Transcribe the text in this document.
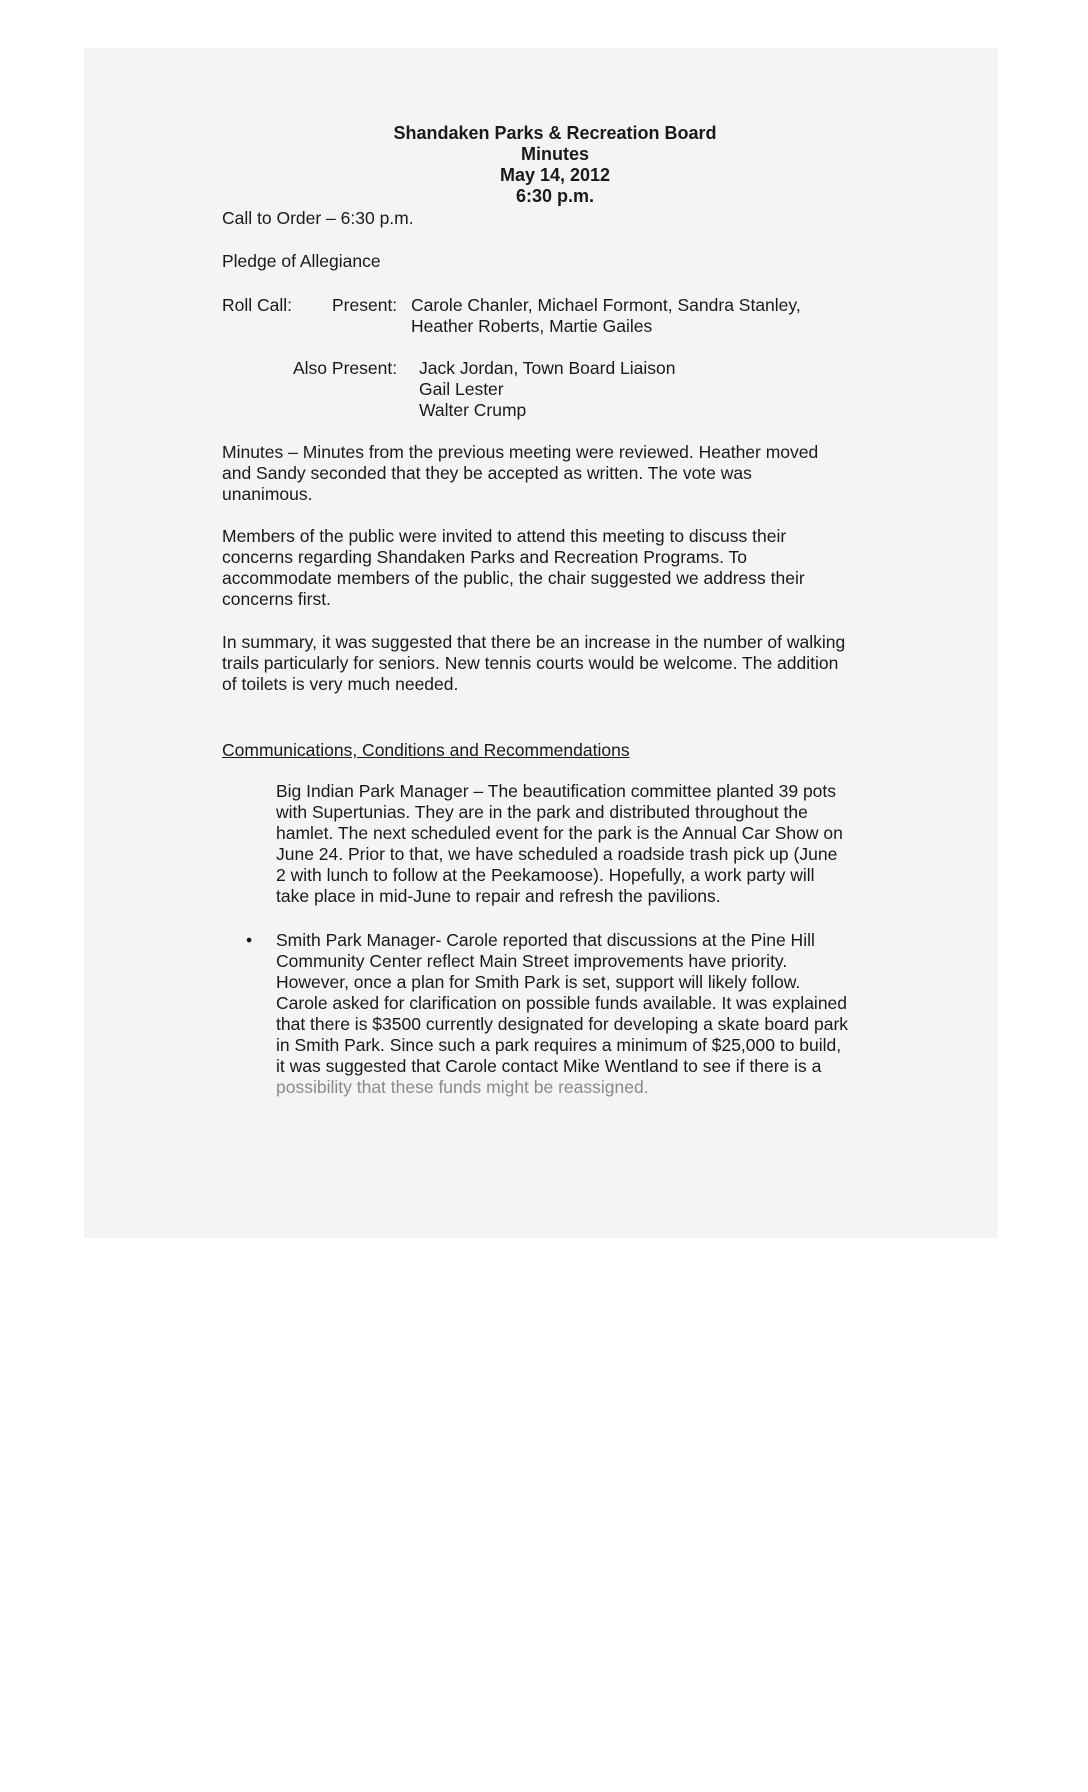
Shandaken Parks & Recreation Board
Minutes
May 14, 2012
6:30 p.m.
Call to Order – 6:30 p.m.
Pledge of Allegiance
Roll Call: Present: Carole Chanler, Michael Formont, Sandra Stanley,
Heather Roberts, Martie Gailes
Also Present: Jack Jordan, Town Board Liaison
Gail Lester
Walter Crump
Minutes – Minutes from the previous meeting were reviewed. Heather moved
and Sandy seconded that they be accepted as written. The vote was
unanimous.
Members of the public were invited to attend this meeting to discuss their
concerns regarding Shandaken Parks and Recreation Programs. To
accommodate members of the public, the chair suggested we address their
concerns first.
In summary, it was suggested that there be an increase in the number of walking
trails particularly for seniors. New tennis courts would be welcome. The addition
of toilets is very much needed.
Communications, Conditions and Recommendations
Big Indian Park Manager – The beautification committee planted 39 pots
with Supertunias. They are in the park and distributed throughout the
hamlet. The next scheduled event for the park is the Annual Car Show on
June 24. Prior to that, we have scheduled a roadside trash pick up (June
2 with lunch to follow at the Peekamoose). Hopefully, a work party will
take place in mid-June to repair and refresh the pavilions.
• Smith Park Manager- Carole reported that discussions at the Pine Hill
Community Center reflect Main Street improvements have priority.
However, once a plan for Smith Park is set, support will likely follow.
Carole asked for clarification on possible funds available. It was explained
that there is $3500 currently designated for developing a skate board park
in Smith Park. Since such a park requires a minimum of $25,000 to build,
it was suggested that Carole contact Mike Wentland to see if there is a
possibility that these funds might be reassigned.
